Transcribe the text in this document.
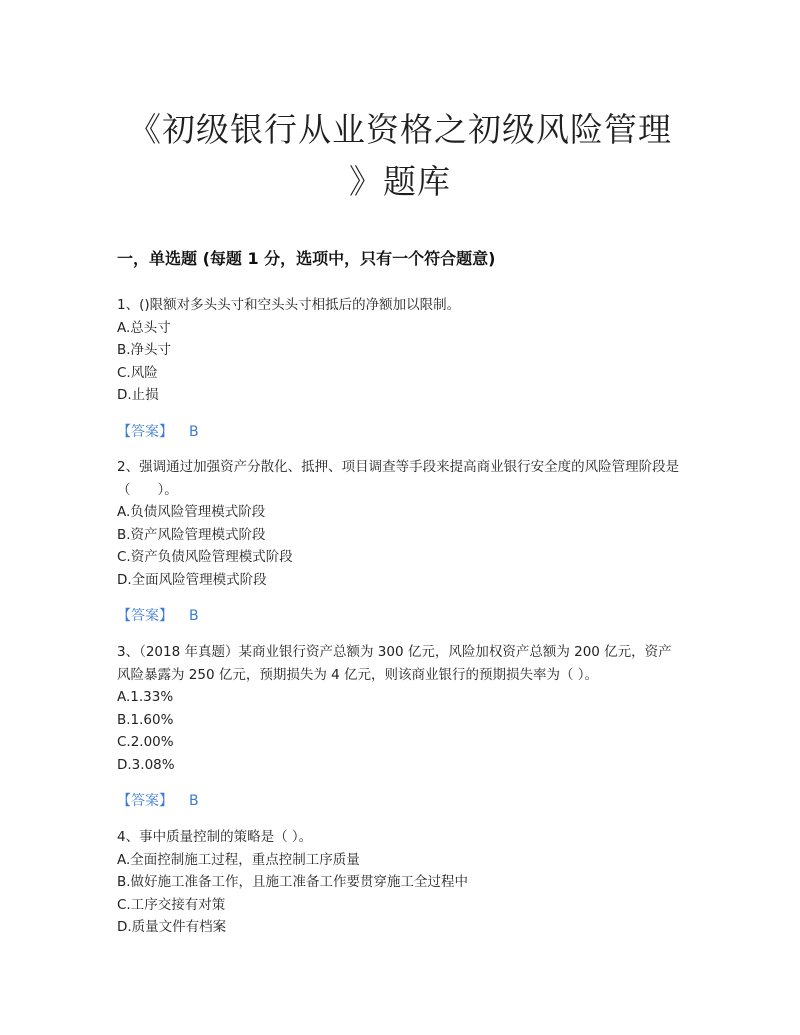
《初级银行从业资格之初级风险管理
》题库
一，单选题 (每题 1 分，选项中，只有一个符合题意)

1、()限额对多头头寸和空头头寸相抵后的净额加以限制。

A.总头寸

B.净头寸

C.风险

D.止损

【答案】 B

2、强调通过加强资产分散化、抵押、项目调查等手段来提高商业银行安全度的风险管理阶段是（　　）。

A.负债风险管理模式阶段

B.资产风险管理模式阶段

C.资产负债风险管理模式阶段

D.全面风险管理模式阶段

【答案】 B

3、（2018 年真题）某商业银行资产总额为 300 亿元，风险加权资产总额为 200 亿元，资产风险暴露为 250 亿元，预期损失为 4 亿元，则该商业银行的预期损失率为（ ）。

A.1.33%

B.1.60%

C.2.00%

D.3.08%

【答案】 B

4、事中质量控制的策略是（ ）。

A.全面控制施工过程，重点控制工序质量

B.做好施工准备工作，且施工准备工作要贯穿施工全过程中

C.工序交接有对策

D.质量文件有档案
